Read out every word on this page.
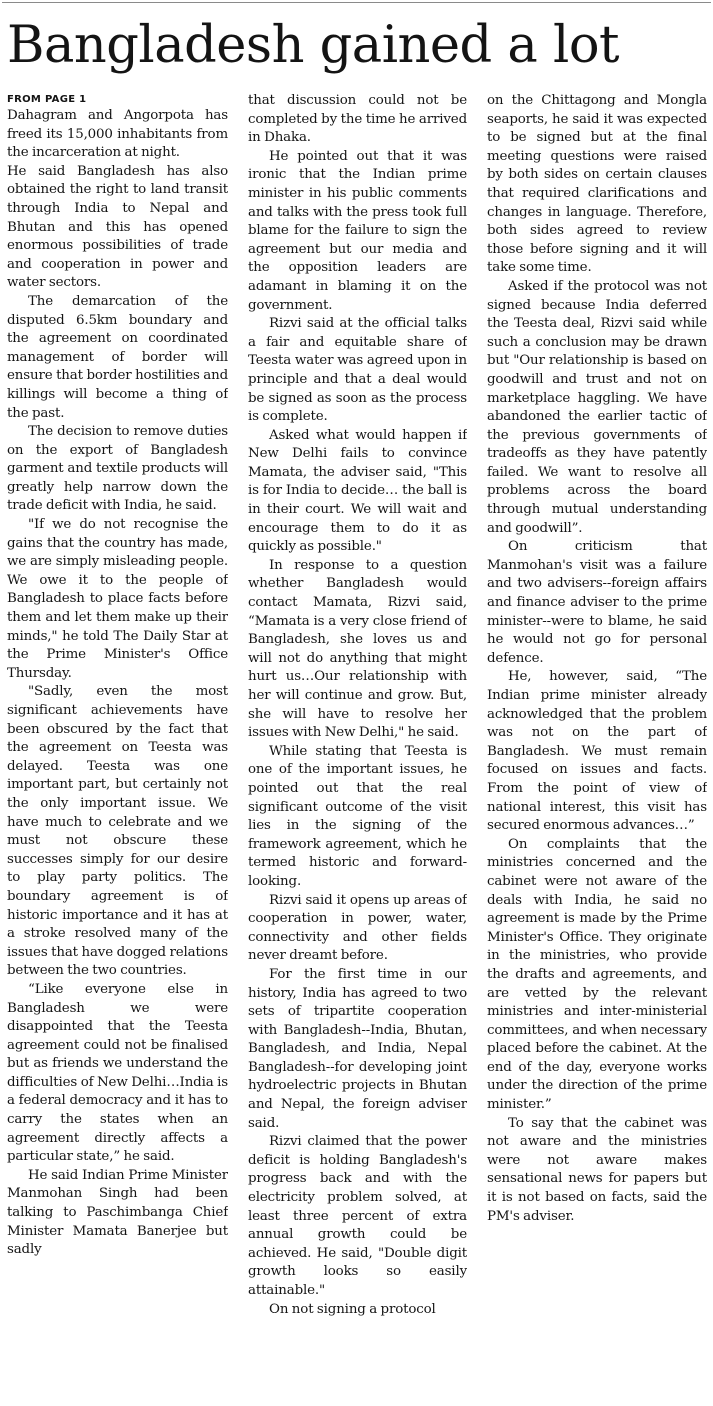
Bangladesh gained a lot
FROM PAGE 1

Dahagram and Angorpota has freed its 15,000 inhabitants from the incarceration at night.

He said Bangladesh has also obtained the right to land transit through India to Nepal and Bhutan and this has opened enormous possibilities of trade and cooperation in power and water sectors.

The demarcation of the disputed 6.5km boundary and the agreement on coordinated management of border will ensure that border hostilities and killings will become a thing of the past.

The decision to remove duties on the export of Bangladesh garment and textile products will greatly help narrow down the trade deficit with India, he said.

"If we do not recognise the gains that the country has made, we are simply misleading people. We owe it to the people of Bangladesh to place facts before them and let them make up their minds," he told The Daily Star at the Prime Minister's Office Thursday.

"Sadly, even the most significant achievements have been obscured by the fact that the agreement on Teesta was delayed. Teesta was one important part, but certainly not the only important issue. We have much to celebrate and we must not obscure these successes simply for our desire to play party politics. The boundary agreement is of historic importance and it has at a stroke resolved many of the issues that have dogged relations between the two countries.

“Like everyone else in Bangladesh we were disappointed that the Teesta agreement could not be finalised but as friends we understand the difficulties of New Delhi…India is a federal democracy and it has to carry the states when an agreement directly affects a particular state,” he said.

He said Indian Prime Minister Manmohan Singh had been talking to Paschimbanga Chief Minister Mamata Banerjee but sadly

that discussion could not be completed by the time he arrived in Dhaka.

He pointed out that it was ironic that the Indian prime minister in his public comments and talks with the press took full blame for the failure to sign the agreement but our media and the opposition leaders are adamant in blaming it on the government.

Rizvi said at the official talks a fair and equitable share of Teesta water was agreed upon in principle and that a deal would be signed as soon as the process is complete.

Asked what would happen if New Delhi fails to convince Mamata, the adviser said, "This is for India to decide… the ball is in their court. We will wait and encourage them to do it as quickly as possible."

In response to a question whether Bangladesh would contact Mamata, Rizvi said, “Mamata is a very close friend of Bangladesh, she loves us and will not do anything that might hurt us…Our relationship with her will continue and grow. But, she will have to resolve her issues with New Delhi," he said.

While stating that Teesta is one of the important issues, he pointed out that the real significant outcome of the visit lies in the signing of the framework agreement, which he termed historic and forward-looking.

Rizvi said it opens up areas of cooperation in power, water, connectivity and other fields never dreamt before.

For the first time in our history, India has agreed to two sets of tripartite cooperation with Bangladesh--India, Bhutan, Bangladesh, and India, Nepal Bangladesh--for developing joint hydroelectric projects in Bhutan and Nepal, the foreign adviser said.

Rizvi claimed that the power deficit is holding Bangladesh's progress back and with the electricity problem solved, at least three percent of extra annual growth could be achieved. He said, "Double digit growth looks so easily attainable."

On not signing a protocol

on the Chittagong and Mongla seaports, he said it was expected to be signed but at the final meeting questions were raised by both sides on certain clauses that required clarifications and changes in language. Therefore, both sides agreed to review those before signing and it will take some time.

Asked if the protocol was not signed because India deferred the Teesta deal, Rizvi said while such a conclusion may be drawn but "Our relationship is based on goodwill and trust and not on marketplace haggling. We have abandoned the earlier tactic of the previous governments of tradeoffs as they have patently failed. We want to resolve all problems across the board through mutual understanding and goodwill”.

On criticism that Manmohan's visit was a failure and two advisers--foreign affairs and finance adviser to the prime minister--were to blame, he said he would not go for personal defence.

He, however, said, “The Indian prime minister already acknowledged that the problem was not on the part of Bangladesh. We must remain focused on issues and facts. From the point of view of national interest, this visit has secured enormous advances…”

On complaints that the ministries concerned and the cabinet were not aware of the deals with India, he said no agreement is made by the Prime Minister's Office. They originate in the ministries, who provide the drafts and agreements, and are vetted by the relevant ministries and inter-ministerial committees, and when necessary placed before the cabinet. At the end of the day, everyone works under the direction of the prime minister.”

To say that the cabinet was not aware and the ministries were not aware makes sensational news for papers but it is not based on facts, said the PM's adviser.
